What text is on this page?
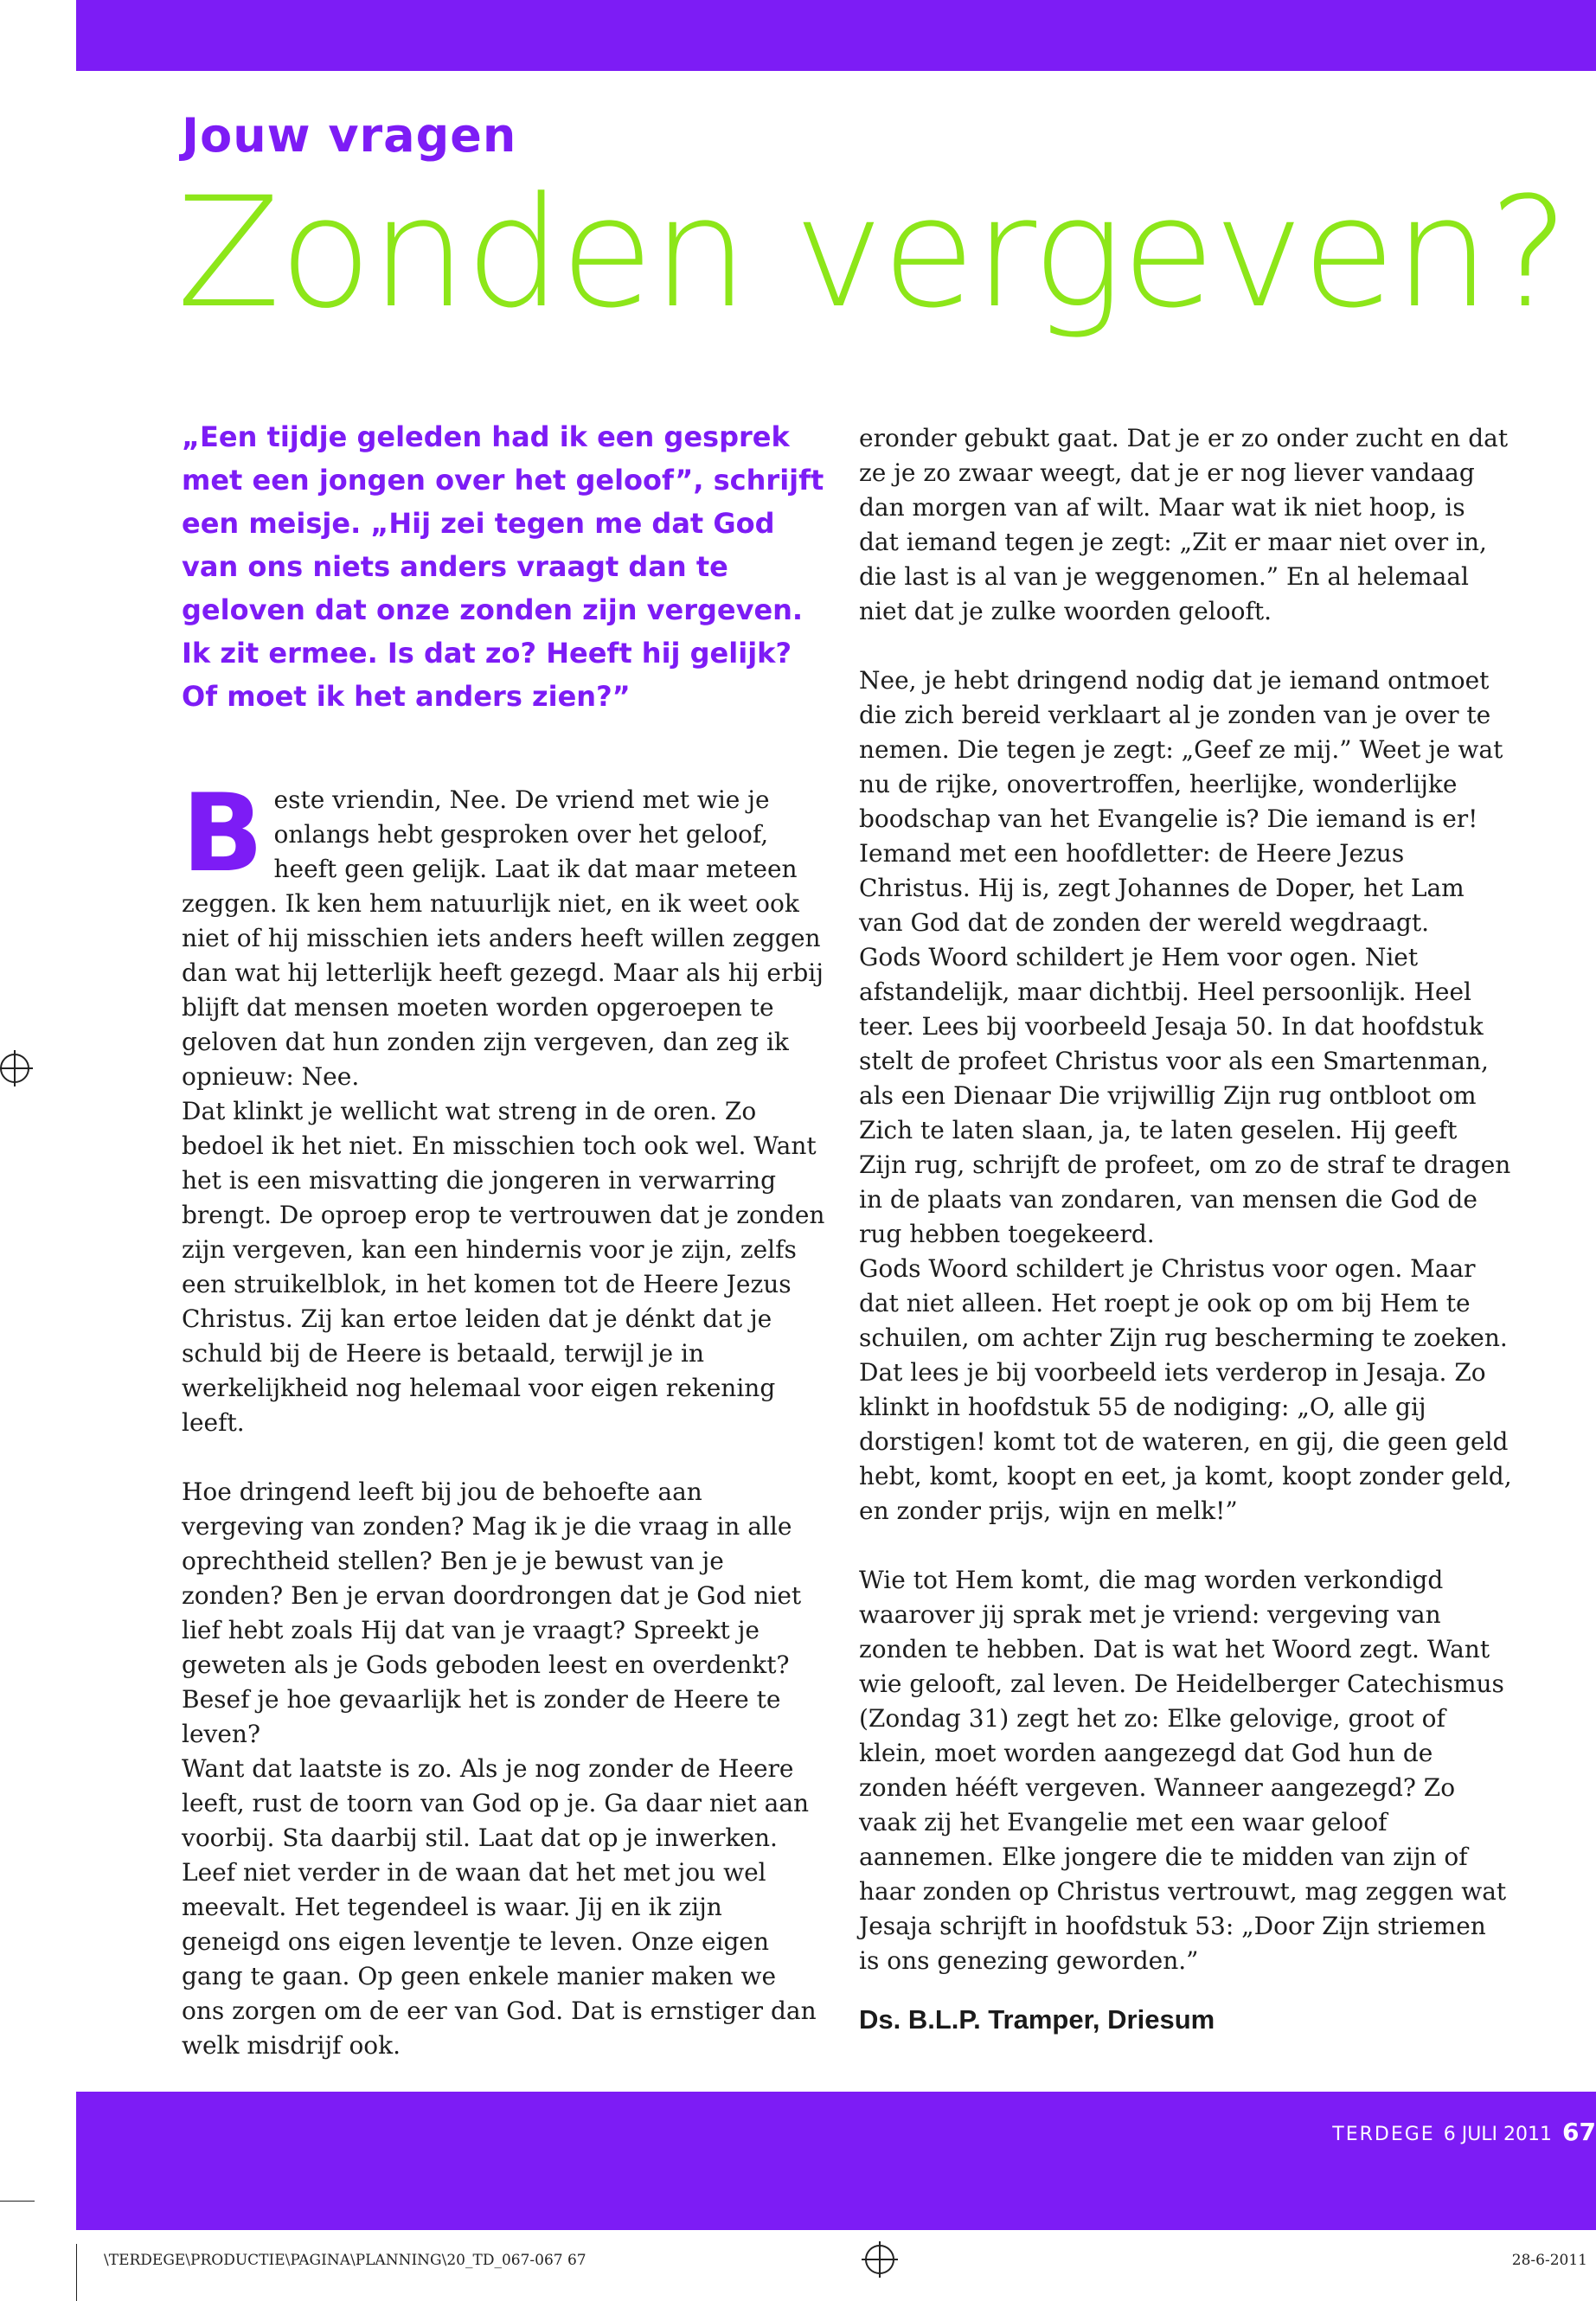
Jouw vragen
Zonden vergeven?

„Een tijdje geleden had ik een gesprek met een jongen over het geloof”, schrijft een meisje. „Hij zei tegen me dat God van ons niets anders vraagt dan te geloven dat onze zonden zijn vergeven. Ik zit ermee. Is dat zo? Heeft hij gelijk? Of moet ik het anders zien?”

Beste vriendin, Nee. De vriend met wie je onlangs hebt gesproken over het geloof, heeft geen gelijk. Laat ik dat maar meteen zeggen. Ik ken hem natuurlijk niet, en ik weet ook niet of hij misschien iets anders heeft willen zeggen dan wat hij letterlijk heeft gezegd. Maar als hij erbij blijft dat mensen moeten worden opgeroepen te geloven dat hun zonden zijn vergeven, dan zeg ik opnieuw: Nee.

Dat klinkt je wellicht wat streng in de oren. Zo bedoel ik het niet. En misschien toch ook wel. Want het is een misvatting die jongeren in verwarring brengt. De oproep erop te vertrouwen dat je zonden zijn vergeven, kan een hindernis voor je zijn, zelfs een struikelblok, in het komen tot de Heere Jezus Christus. Zij kan ertoe leiden dat je dénkt dat je schuld bij de Heere is betaald, terwijl je in werkelijkheid nog helemaal voor eigen rekening leeft.

Hoe dringend leeft bij jou de behoefte aan vergeving van zonden? Mag ik je die vraag in alle oprechtheid stellen? Ben je je bewust van je zonden? Ben je ervan doordrongen dat je God niet lief hebt zoals Hij dat van je vraagt? Spreekt je geweten als je Gods geboden leest en overdenkt? Besef je hoe gevaarlijk het is zonder de Heere te leven?

Want dat laatste is zo. Als je nog zonder de Heere leeft, rust de toorn van God op je. Ga daar niet aan voorbij. Sta daarbij stil. Laat dat op je inwerken. Leef niet verder in de waan dat het met jou wel meevalt. Het tegendeel is waar. Jij en ik zijn geneigd ons eigen leventje te leven. Onze eigen gang te gaan. Op geen enkele manier maken we ons zorgen om de eer van God. Dat is ernstiger dan welk misdrijf ook.

eronder gebukt gaat. Dat je er zo onder zucht en dat ze je zo zwaar weegt, dat je er nog liever vandaag dan morgen van af wilt. Maar wat ik niet hoop, is dat iemand tegen je zegt: „Zit er maar niet over in, die last is al van je weggenomen.” En al helemaal niet dat je zulke woorden gelooft.

Nee, je hebt dringend nodig dat je iemand ontmoet die zich bereid verklaart al je zonden van je over te nemen. Die tegen je zegt: „Geef ze mij.” Weet je wat nu de rijke, onovertroffen, heerlijke, wonderlijke boodschap van het Evangelie is? Die iemand is er! Iemand met een hoofdletter: de Heere Jezus Christus. Hij is, zegt Johannes de Doper, het Lam van God dat de zonden der wereld wegdraagt.

Gods Woord schildert je Hem voor ogen. Niet afstandelijk, maar dichtbij. Heel persoonlijk. Heel teer. Lees bij voorbeeld Jesaja 50. In dat hoofdstuk stelt de profeet Christus voor als een Smartenman, als een Dienaar Die vrijwillig Zijn rug ontbloot om Zich te laten slaan, ja, te laten geselen. Hij geeft Zijn rug, schrijft de profeet, om zo de straf te dragen in de plaats van zondaren, van mensen die God de rug hebben toegekeerd.

Gods Woord schildert je Christus voor ogen. Maar dat niet alleen. Het roept je ook op om bij Hem te schuilen, om achter Zijn rug bescherming te zoeken. Dat lees je bij voorbeeld iets verderop in Jesaja. Zo klinkt in hoofdstuk 55 de nodiging: „O, alle gij dorstigen! komt tot de wateren, en gij, die geen geld hebt, komt, koopt en eet, ja komt, koopt zonder geld, en zonder prijs, wijn en melk!”

Wie tot Hem komt, die mag worden verkondigd waarover jij sprak met je vriend: vergeving van zonden te hebben. Dat is wat het Woord zegt. Want wie gelooft, zal leven. De Heidelberger Catechismus (Zondag 31) zegt het zo: Elke gelovige, groot of klein, moet worden aangezegd dat God hun de zonden hééft vergeven. Wanneer aangezegd? Zo vaak zij het Evangelie met een waar geloof aannemen. Elke jongere die te midden van zijn of haar zonden op Christus vertrouwt, mag zeggen wat Jesaja schrijft in hoofdstuk 53: „Door Zijn striemen is ons genezing geworden.”

Ds. B.L.P. Tramper, Driesum

TERDEGE 6 JULI 2011 67
\TERDEGE\PRODUCTIE\PAGINA\PLANNING\20_TD_067-067 67	28-6-2011
